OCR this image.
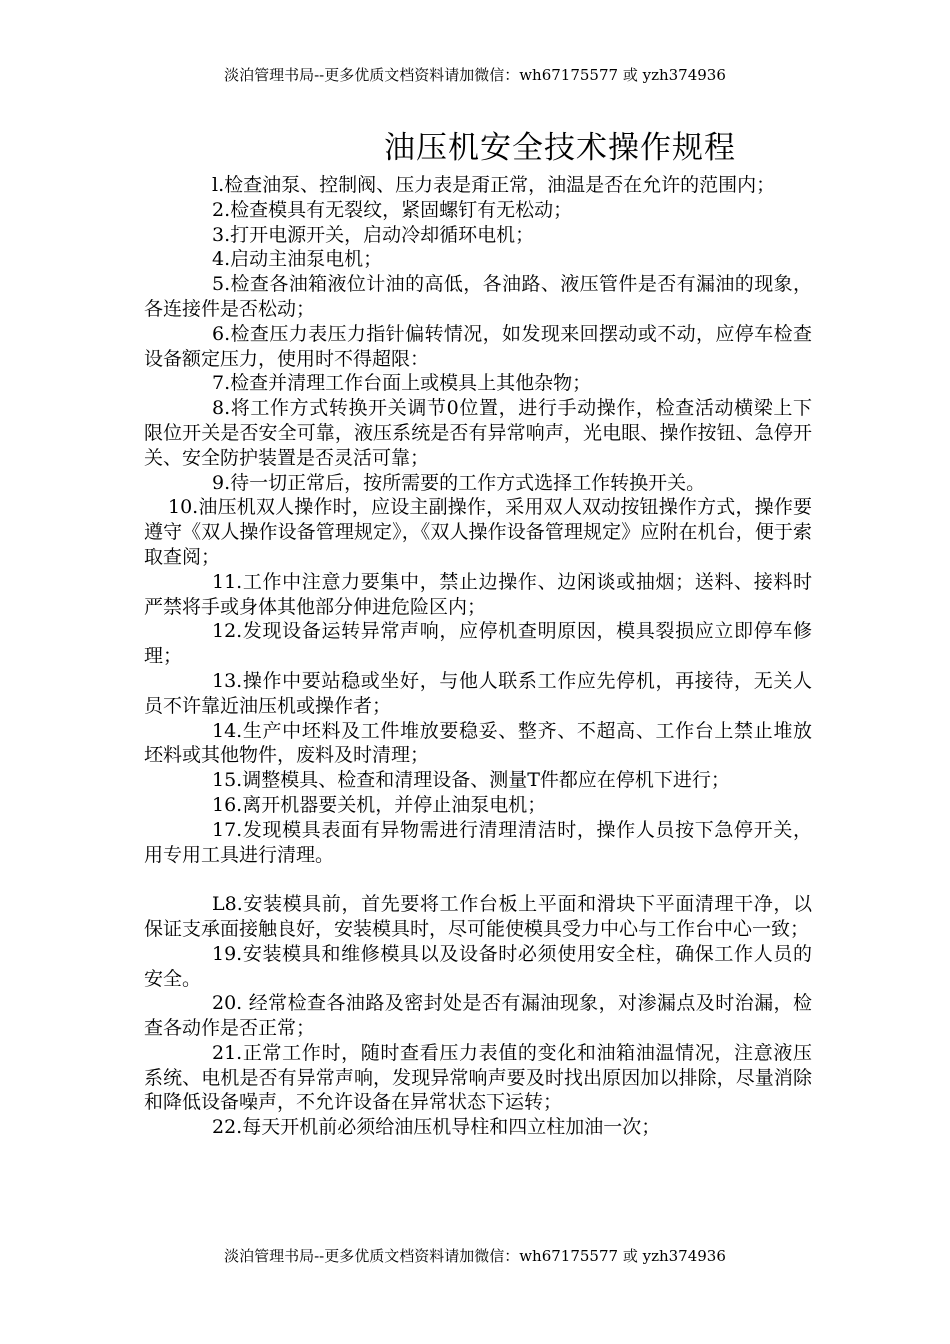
淡泊管理书局--更多优质文档资料请加微信：wh67175577 或 yzh374936
油压机安全技术操作规程

l.检查油泵、控制阀、压力表是甭正常，油温是否在允许的范围内；

2.检查模具有无裂纹，紧固螺钉有无松动；

3.打开电源开关，启动冷却循环电机；

4.启动主油泵电机；

5.检查各油箱液位计油的高低，各油路、液压管件是否有漏油的现象，各连接件是否松动；

6.检查压力表压力指针偏转情况，如发现来回摆动或不动，应停车检查设备额定压力，使用时不得超限：

7.检查并清理工作台面上或模具上其他杂物；

8.将工作方式转换开关调节0位置，进行手动操作，检查活动横梁上下限位开关是否安全可靠，液压系统是否有异常响声，光电眼、操作按钮、急停开关、安全防护装置是否灵活可靠；

9.待一切正常后，按所需要的工作方式选择工作转换开关。

10.油压机双人操作时，应设主副操作，采用双人双动按钮操作方式，操作要遵守《双人操作设备管理规定》，《双人操作设备管理规定》应附在机台，便于索取查阅；

11.工作中注意力要集中，禁止边操作、边闲谈或抽烟；送料、接料时严禁将手或身体其他部分伸进危险区内；

12.发现设备运转异常声响，应停机查明原因，模具裂损应立即停车修理；

13.操作中要站稳或坐好，与他人联系工作应先停机，再接待，无关人员不许靠近油压机或操作者；

14.生产中坯料及工件堆放要稳妥、整齐、不超高、工作台上禁止堆放坯料或其他物件，废料及时清理；

15.调整模具、检查和清理设备、测量T件都应在停机下进行；

16.离开机器要关机，并停止油泵电机；

17.发现模具表面有异物需进行清理清洁时，操作人员按下急停开关，用专用工具进行清理。

L8.安装模具前，首先要将工作台板上平面和滑块下平面清理干净，以保证支承面接触良好，安装模具时，尽可能使模具受力中心与工作台中心一致；

19.安装模具和维修模具以及设备时必须使用安全柱，确保工作人员的安全。

20. 经常检查各油路及密封处是否有漏油现象，对渗漏点及时治漏，检查各动作是否正常；

21.正常工作时，随时查看压力表值的变化和油箱油温情况，注意液压系统、电机是否有异常声响，发现异常响声要及时找出原因加以排除，尽量消除和降低设备噪声，不允许设备在异常状态下运转；

22.每天开机前必须给油压机导柱和四立柱加油一次；

淡泊管理书局--更多优质文档资料请加微信：wh67175577 或 yzh374936
